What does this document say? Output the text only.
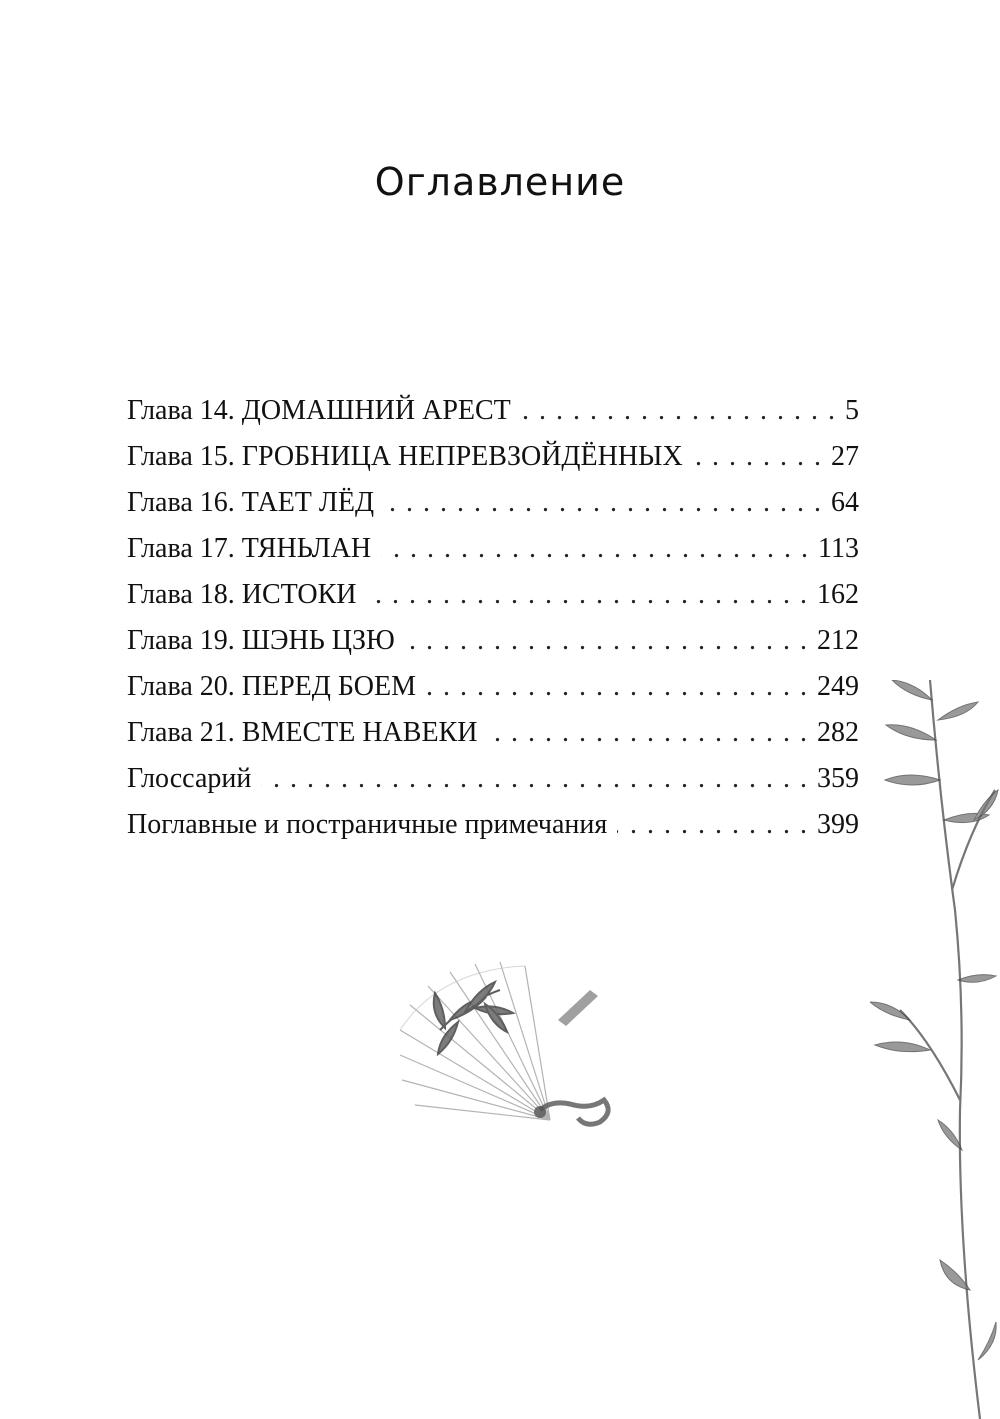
Оглавление
Глава 14. ДОМАШНИЙ АРЕСТ . . .	5
Глава 15. ГРОБНИЦА НЕПРЕВЗОЙДЁННЫХ . . .	27
Глава 16. ТАЕТ ЛЁД . . .	64
Глава 17. ТЯНЬЛАН . . .	113
Глава 18. ИСТОКИ . . .	162
Глава 19. ШЭНЬ ЦЗЮ . . .	212
Глава 20. ПЕРЕД БОЕМ . . .	249
Глава 21. ВМЕСТЕ НАВЕКИ . . .	282
Глоссарий . . .	359
Поглавные и постраничные примечания . . .	399
